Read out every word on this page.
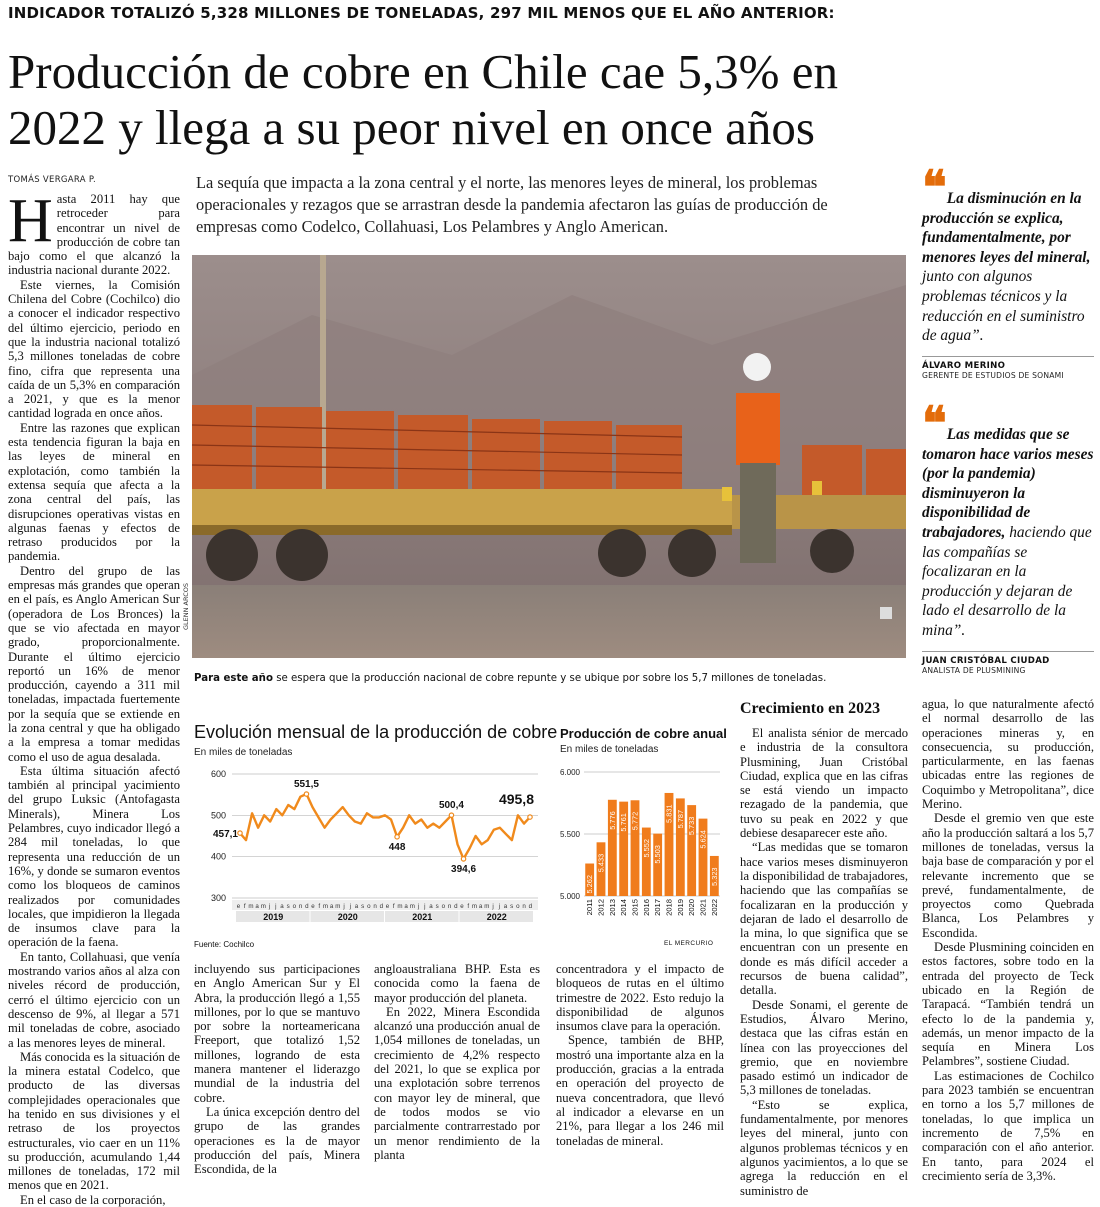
INDICADOR TOTALIZÓ 5,328 MILLONES DE TONELADAS, 297 MIL MENOS QUE EL AÑO ANTERIOR:
Producción de cobre en Chile cae 5,3% en
2022 y llega a su peor nivel en once años
TOMÁS VERGARA P.	La sequía que impacta a la zona central y el norte, las menores leyes de mineral, los problemas operacionales y rezagos que se arrastran desde la pandemia afectaron las guías de producción de empresas como Codelco, Collahuasi, Los Pelambres y Anglo American.
H asta 2011 hay que retroceder para encontrar un nivel de producción de cobre tan bajo como el que alcanzó la industria nacional durante 2022.

Este viernes, la Comisión Chilena del Cobre (Cochilco) dio a conocer el indicador respectivo del último ejercicio, periodo en que la industria nacional totalizó 5,3 millones toneladas de cobre fino, cifra que representa una caída de un 5,3% en comparación a 2021, y que es la menor cantidad lograda en once años.

Entre las razones que explican esta tendencia figuran la baja en las leyes de mineral en explotación, como también la extensa sequía que afecta a la zona central del país, las disrupciones operativas vistas en algunas faenas y efectos de retraso producidos por la pandemia.

Dentro del grupo de las empresas más grandes que operan en el país, es Anglo American Sur (operadora de Los Bronces) la que se vio afectada en mayor grado, proporcionalmente. Durante el último ejercicio reportó un 16% de menor producción, cayendo a 311 mil toneladas, impactada fuertemente por la sequía que se extiende en la zona central y que ha obligado a la empresa a tomar medidas como el uso de agua desalada.

Esta última situación afectó también al principal yacimiento del grupo Luksic (Antofagasta Minerals), Minera Los Pelambres, cuyo indicador llegó a 284 mil toneladas, lo que representa una reducción de un 16%, y donde se sumaron eventos como los bloqueos de caminos realizados por comunidades locales, que impidieron la llegada de insumos clave para la operación de la faena.

En tanto, Collahuasi, que venía mostrando varios años al alza con niveles récord de producción, cerró el último ejercicio con un descenso de 9%, al llegar a 571 mil toneladas de cobre, asociado a las menores leyes de mineral.

Más conocida es la situación de la minera estatal Codelco, que producto de las diversas complejidades operacionales que ha tenido en sus divisiones y el retraso de los proyectos estructurales, vio caer en un 11% su producción, acumulando 1,44 millones de toneladas, 172 mil menos que en 2021.

En el caso de la corporación,

GLENN ARCOS
Para este año se espera que la producción nacional de cobre repunte y se ubique por sobre los 5,7 millones de toneladas.
❝La disminución en la producción se explica, fundamentalmente, por menores leyes del mineral, junto con algunos problemas técnicos y la reducción en el suministro de agua”.
ÁLVARO MERINO
GERENTE DE ESTUDIOS DE SONAMI
❝Las medidas que se tomaron hace varios meses (por la pandemia) disminuyeron la disponibilidad de trabajadores, haciendo que las compañías se focalizaran en la producción y dejaran de lado el desarrollo de la mina”.
JUAN CRISTÓBAL CIUDAD
ANALISTA DE PLUSMINING
Evolución mensual de la producción de cobre
En miles de toneladas
600
500
400
300
e f m a m j j a s o n d e f m a m j j a s o n d e f m a m j j a s o n d e f m a m j j a s o n d
2019	2020	2021	2022
457,1
551,5
448
500,4
394,6
495,8
Producción de cobre anual
En miles de toneladas
6.000
5.500
5.000
5.262
2011
5.433
2012
5.776
2013
5.761
2014
5.772
2015
5.552
2016
5.503
2017
5.831
2018
5.787
2019
5.733
2020
5.624
2021
5.323
2022
Fuente: Cochilco	EL MERCURIO

incluyendo sus participaciones en Anglo American Sur y El Abra, la producción llegó a 1,55 millones, por lo que se mantuvo por sobre la norteamericana Freeport, que totalizó 1,52 millones, logrando de esta manera mantener el liderazgo mundial de la industria del cobre.

La única excepción dentro del grupo de las grandes operaciones es la de mayor producción del país, Minera Escondida, de la

angloaustraliana BHP. Esta es conocida como la faena de mayor producción del planeta.

En 2022, Minera Escondida alcanzó una producción anual de 1,054 millones de toneladas, un crecimiento de 4,2% respecto del 2021, lo que se explica por una explotación sobre terrenos con mayor ley de mineral, que de todos modos se vio parcialmente contrarrestado por un menor rendimiento de la planta

concentradora y el impacto de bloqueos de rutas en el último trimestre de 2022. Esto redujo la disponibilidad de algunos insumos clave para la operación.

Spence, también de BHP, mostró una importante alza en la producción, gracias a la entrada en operación del proyecto de nueva concentradora, que llevó al indicador a elevarse en un 21%, para llegar a los 246 mil toneladas de mineral.

Crecimiento en 2023

El analista sénior de mercado e industria de la consultora Plusmining, Juan Cristóbal Ciudad, explica que en las cifras se está viendo un impacto rezagado de la pandemia, que tuvo su peak en 2022 y que debiese desaparecer este año.

“Las medidas que se tomaron hace varios meses disminuyeron la disponibilidad de trabajadores, haciendo que las compañías se focalizaran en la producción y dejaran de lado el desarrollo de la mina, lo que significa que se encuentran con un presente en donde es más difícil acceder a recursos de buena calidad”, detalla.

Desde Sonami, el gerente de Estudios, Álvaro Merino, destaca que las cifras están en línea con las proyecciones del gremio, que en noviembre pasado estimó un indicador de 5,3 millones de toneladas.

“Esto se explica, fundamentalmente, por menores leyes del mineral, junto con algunos problemas técnicos y en algunos yacimientos, a lo que se agrega la reducción en el suministro de

agua, lo que naturalmente afectó el normal desarrollo de las operaciones mineras y, en consecuencia, su producción, particularmente, en las faenas ubicadas entre las regiones de Coquimbo y Metropolitana”, dice Merino.

Desde el gremio ven que este año la producción saltará a los 5,7 millones de toneladas, versus la baja base de comparación y por el relevante incremento que se prevé, fundamentalmente, de proyectos como Quebrada Blanca, Los Pelambres y Escondida.

Desde Plusmining coinciden en estos factores, sobre todo en la entrada del proyecto de Teck ubicado en la Región de Tarapacá. “También tendrá un efecto lo de la pandemia y, además, un menor impacto de la sequía en Minera Los Pelambres”, sostiene Ciudad.

Las estimaciones de Cochilco para 2023 también se encuentran en torno a los 5,7 millones de toneladas, lo que implica un incremento de 7,5% en comparación con el año anterior. En tanto, para 2024 el crecimiento sería de 3,3%.
